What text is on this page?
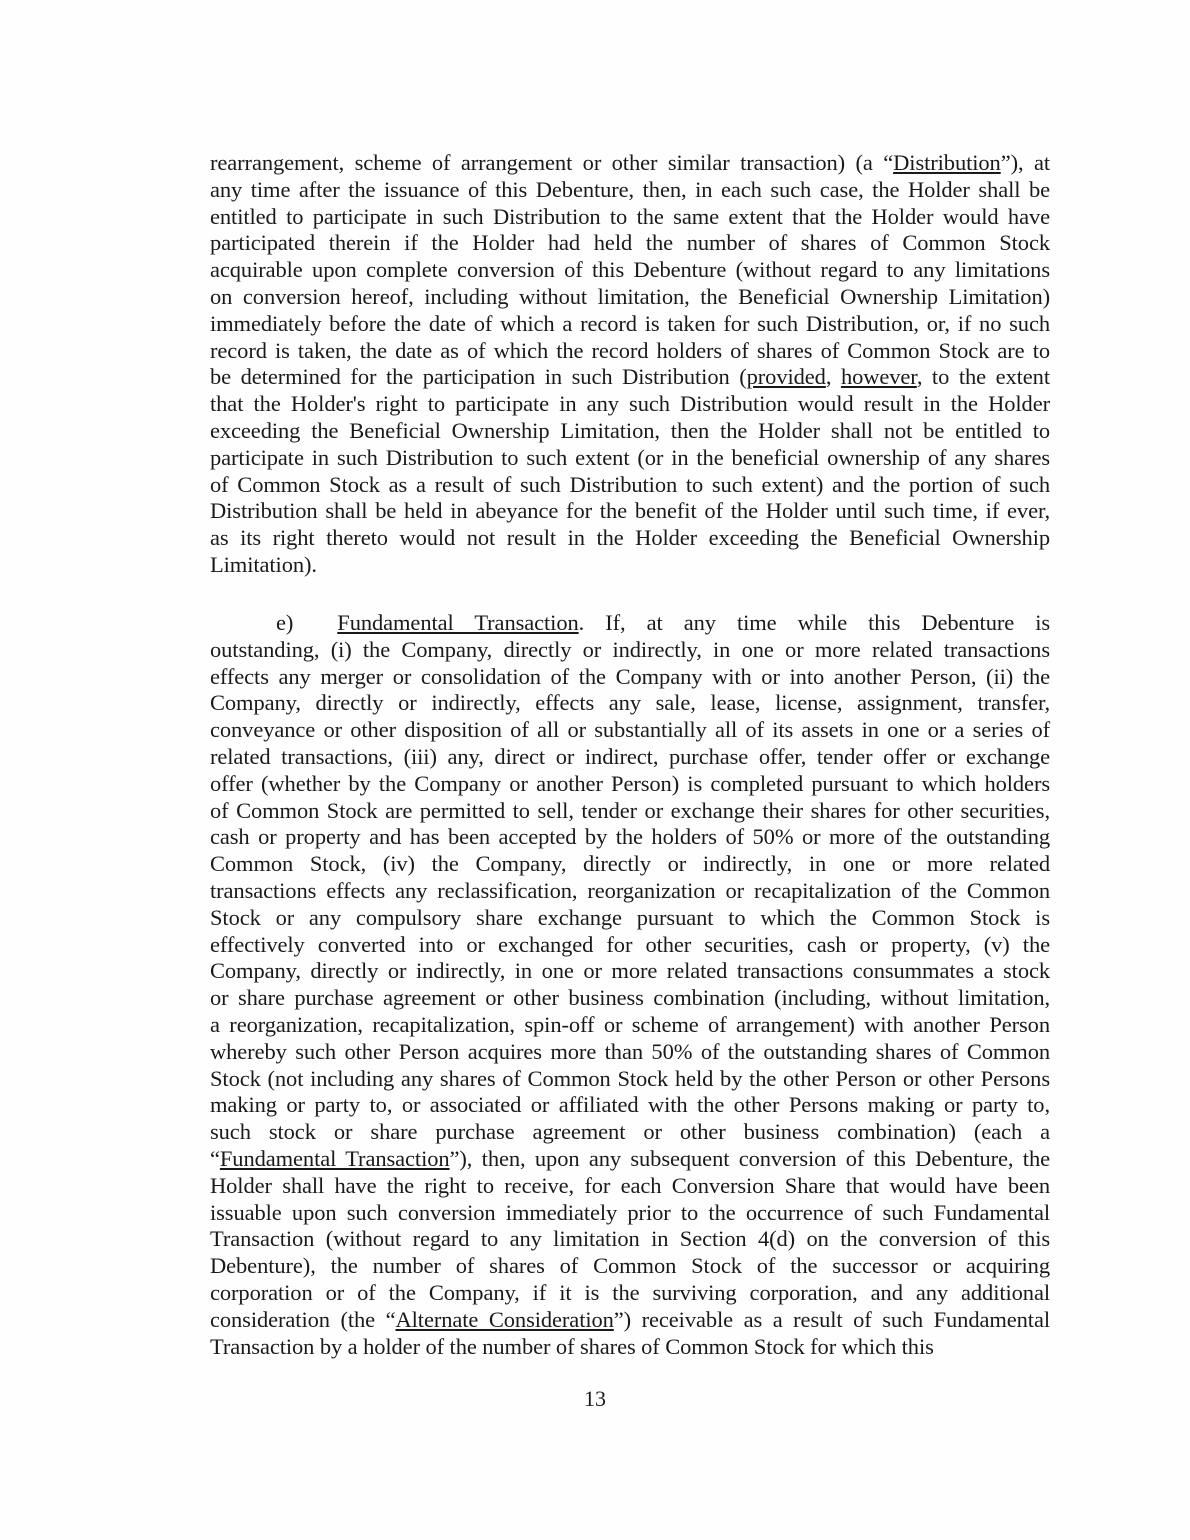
rearrangement, scheme of arrangement or other similar transaction) (a “Distribution”), at
any time after the issuance of this Debenture, then, in each such case, the Holder shall be
entitled to participate in such Distribution to the same extent that the Holder would have
participated therein if the Holder had held the number of shares of Common Stock
acquirable upon complete conversion of this Debenture (without regard to any limitations
on conversion hereof, including without limitation, the Beneficial Ownership Limitation)
immediately before the date of which a record is taken for such Distribution, or, if no such
record is taken, the date as of which the record holders of shares of Common Stock are to
be determined for the participation in such Distribution (provided, however, to the extent
that the Holder's right to participate in any such Distribution would result in the Holder
exceeding the Beneficial Ownership Limitation, then the Holder shall not be entitled to
participate in such Distribution to such extent (or in the beneficial ownership of any shares
of Common Stock as a result of such Distribution to such extent) and the portion of such
Distribution shall be held in abeyance for the benefit of the Holder until such time, if ever,
as its right thereto would not result in the Holder exceeding the Beneficial Ownership
Limitation).
e) Fundamental Transaction. If, at any time while this Debenture is
outstanding, (i) the Company, directly or indirectly, in one or more related transactions
effects any merger or consolidation of the Company with or into another Person, (ii) the
Company, directly or indirectly, effects any sale, lease, license, assignment, transfer,
conveyance or other disposition of all or substantially all of its assets in one or a series of
related transactions, (iii) any, direct or indirect, purchase offer, tender offer or exchange
offer (whether by the Company or another Person) is completed pursuant to which holders
of Common Stock are permitted to sell, tender or exchange their shares for other securities,
cash or property and has been accepted by the holders of 50% or more of the outstanding
Common Stock, (iv) the Company, directly or indirectly, in one or more related
transactions effects any reclassification, reorganization or recapitalization of the Common
Stock or any compulsory share exchange pursuant to which the Common Stock is
effectively converted into or exchanged for other securities, cash or property, (v) the
Company, directly or indirectly, in one or more related transactions consummates a stock
or share purchase agreement or other business combination (including, without limitation,
a reorganization, recapitalization, spin-off or scheme of arrangement) with another Person
whereby such other Person acquires more than 50% of the outstanding shares of Common
Stock (not including any shares of Common Stock held by the other Person or other Persons
making or party to, or associated or affiliated with the other Persons making or party to,
such stock or share purchase agreement or other business combination) (each a
“Fundamental Transaction”), then, upon any subsequent conversion of this Debenture, the
Holder shall have the right to receive, for each Conversion Share that would have been
issuable upon such conversion immediately prior to the occurrence of such Fundamental
Transaction (without regard to any limitation in Section 4(d) on the conversion of this
Debenture), the number of shares of Common Stock of the successor or acquiring
corporation or of the Company, if it is the surviving corporation, and any additional
consideration (the “Alternate Consideration”) receivable as a result of such Fundamental
Transaction by a holder of the number of shares of Common Stock for which this
13
